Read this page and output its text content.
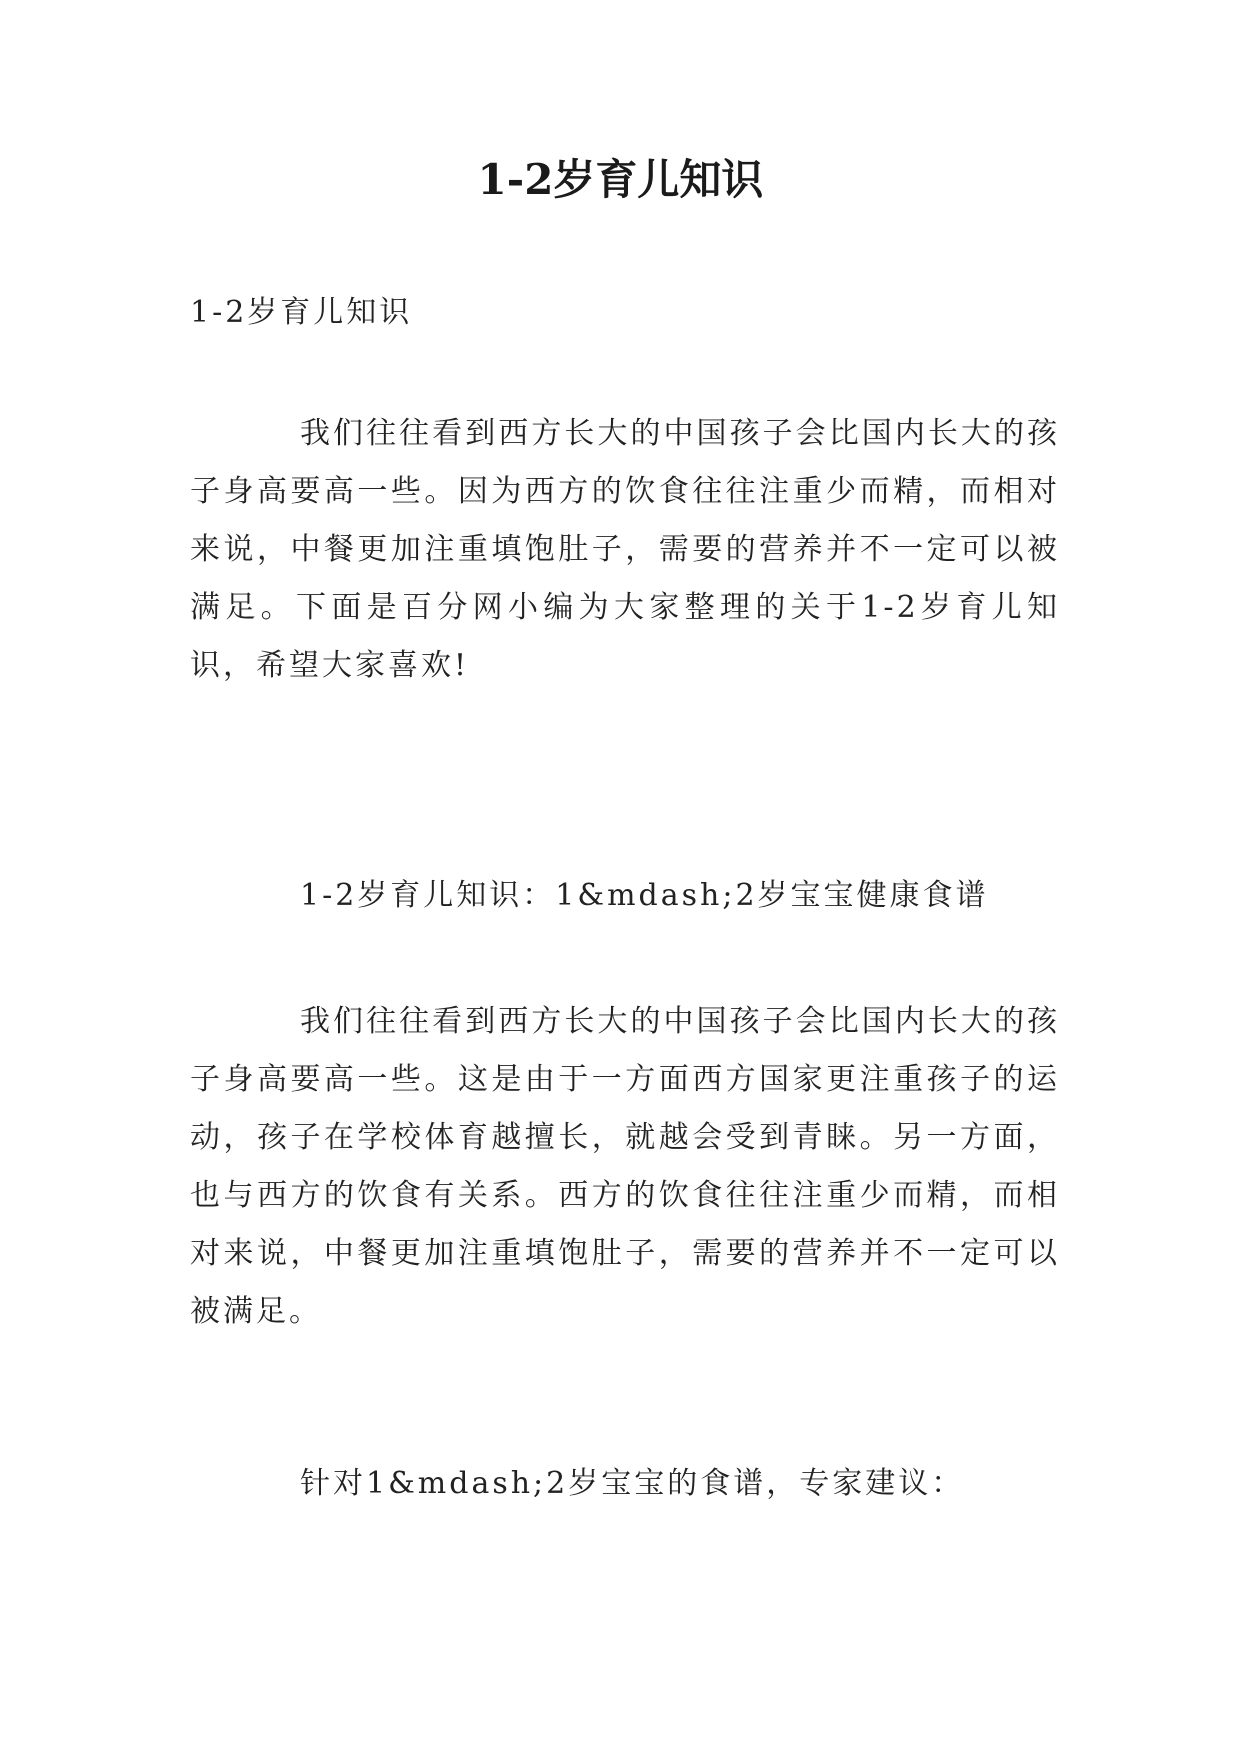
1-2岁育儿知识

1-2岁育儿知识

我们往往看到西方长大的中国孩子会比国内长大的孩子身高要高一些。因为西方的饮食往往注重少而精，而相对来说，中餐更加注重填饱肚子，需要的营养并不一定可以被满足。下面是百分网小编为大家整理的关于1-2岁育儿知识，希望大家喜欢!

1-2岁育儿知识：1&mdash;2岁宝宝健康食谱

我们往往看到西方长大的中国孩子会比国内长大的孩子身高要高一些。这是由于一方面西方国家更注重孩子的运动，孩子在学校体育越擅长，就越会受到青睐。另一方面，也与西方的饮食有关系。西方的饮食往往注重少而精，而相对来说，中餐更加注重填饱肚子，需要的营养并不一定可以被满足。

针对1&mdash;2岁宝宝的食谱，专家建议：
